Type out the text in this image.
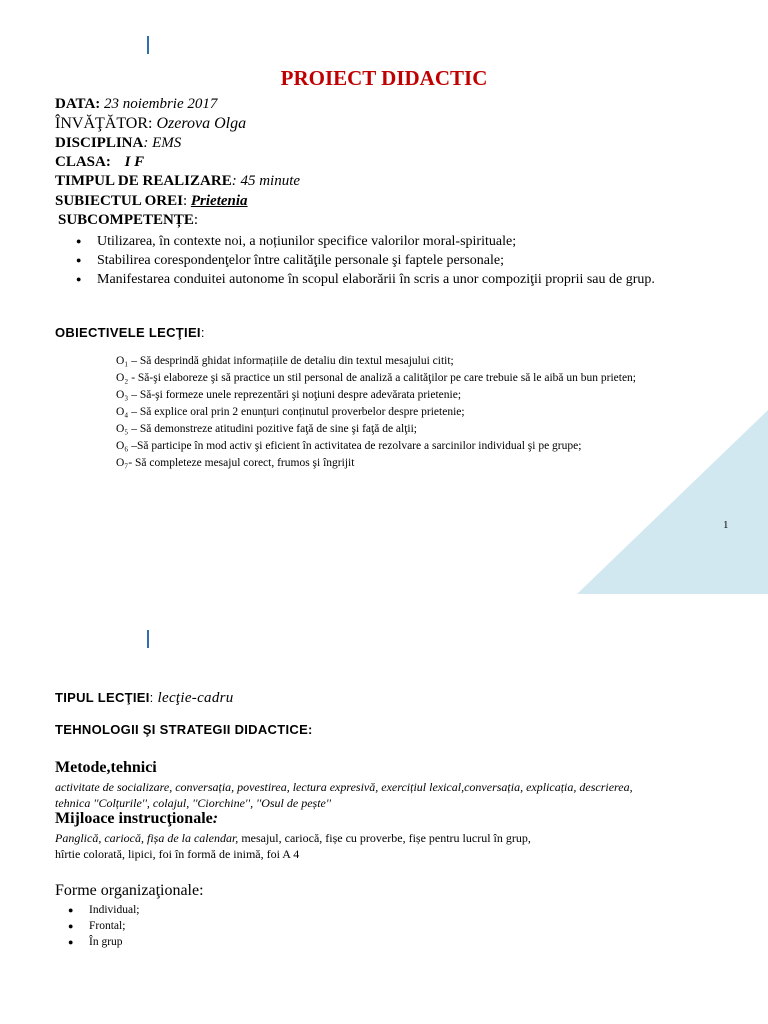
PROIECT DIDACTIC
DATA: 23 noiembrie 2017
ÎNVĂŢĂTOR: Ozerova Olga
DISCIPLINA: EMS
CLASA: I F
TIMPUL DE REALIZARE: 45 minute
SUBIECTUL OREI: Prietenia
SUBCOMPETENȚE:
● Utilizarea, în contexte noi, a noțiunilor specifice valorilor moral-spirituale;
● Stabilirea corespondenţelor între calităţile personale şi faptele personale;
● Manifestarea conduitei autonome în scopul elaborării în scris a unor compoziţii proprii sau de grup.
OBIECTIVELE LECŢIEI:
O₁ – Să desprindă ghidat informațiile de detaliu din textul mesajului citit;
O₂ - Să-şi elaboreze şi să practice un stil personal de analiză a calităţilor pe care trebuie să le aibă un bun prieten;
O₃ – Să-şi formeze unele reprezentări şi noţiuni despre adevărata prietenie;
O₄ – Să explice oral prin 2 enunțuri conținutul proverbelor despre prietenie;
O₅ – Să demonstreze atitudini pozitive faţă de sine şi faţă de alţii;
O₆ –Să participe în mod activ şi eficient în activitatea de rezolvare a sarcinilor individual şi pe grupe;
O₇- Să completeze mesajul corect, frumos şi îngrijit
1
TIPUL LECŢIEI: lecţie-cadru
TEHNOLOGII ŞI STRATEGII DIDACTICE:
Metode,tehnici
activitate de socializare, conversația, povestirea, lectura expresivă, exercițiul lexical,conversația, explicația, descrierea, tehnica ''Colțurile'', colajul, ''Ciorchine'', ''Osul de pește''
Mijloace instrucţionale:
Panglică, cariocă, fișa de la calendar, mesajul, cariocă, fișe cu proverbe, fișe pentru lucrul în grup,
hîrtie colorată, lipici, foi în formă de inimă, foi A 4
Forme organizaţionale:
● Individual;
● Frontal;
● În grup
